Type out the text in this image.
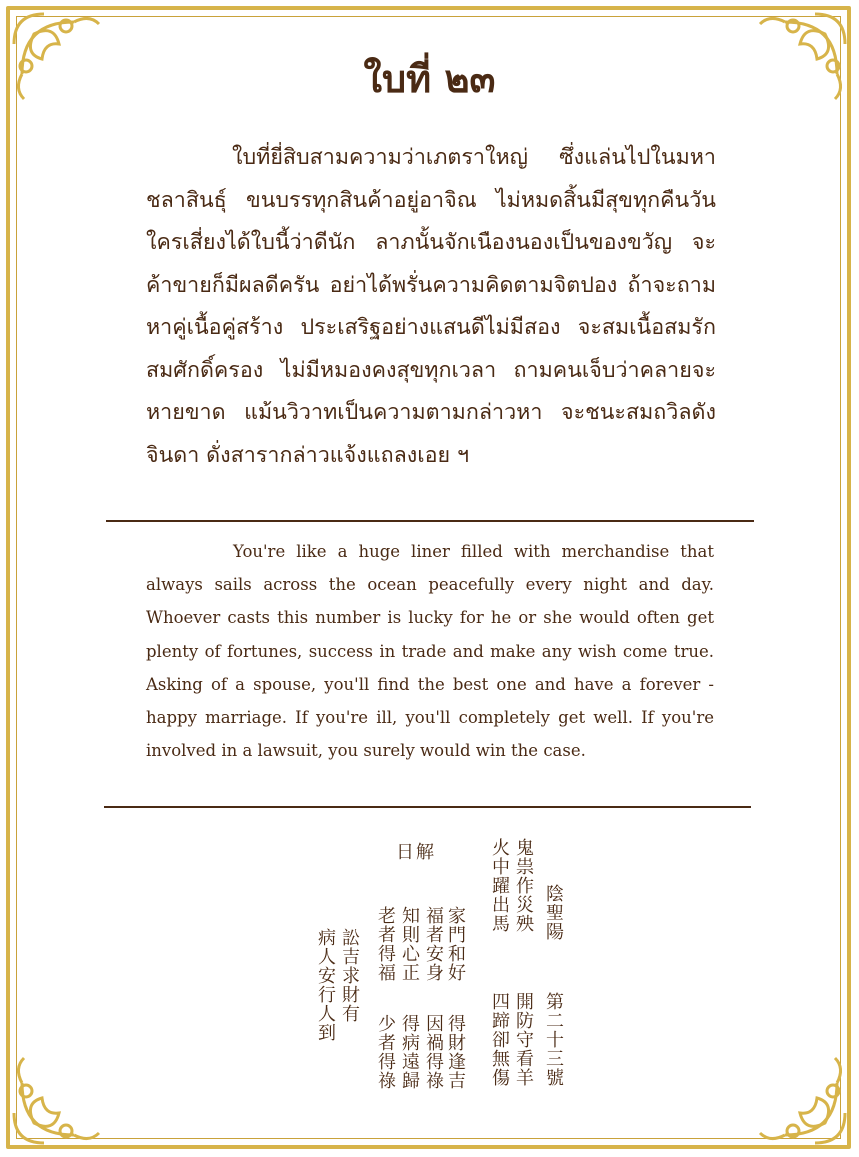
ใบที่ ๒๓
ใบที่ยี่สิบสามความว่าเภตราใหญ่ ซึ่งแล่นไปในมหาชลาสินธุ์ ขนบรรทุกสินค้าอยู่อาจิณ ไม่หมดสิ้นมีสุขทุกคืนวัน ใครเสี่ยงได้ใบนี้ว่าดีนัก ลาภนั้นจักเนืองนองเป็นของขวัญ จะค้าขายก็มีผลดีครัน อย่าได้พรั่นความคิดตามจิตปอง ถ้าจะถามหาคู่เนื้อคู่สร้าง ประเสริฐอย่างแสนดีไม่มีสอง จะสมเนื้อสมรักสมศักดิ์ครอง ไม่มีหมองคงสุขทุกเวลา ถามคนเจ็บว่าคลายจะหายขาด แม้นวิวาทเป็นความตามกล่าวหา จะชนะสมถวิลดังจินดา ดั่งสารากล่าวแจ้งแถลงเอย ฯ
You're like a huge liner filled with merchandise that always sails across the ocean peacefully every night and day. Whoever casts this number is lucky for he or she would often get plenty of fortunes, success in trade and make any wish come true. Asking of a spouse, you'll find the best one and have a forever - happy marriage. If you're ill, you'll completely get well. If you're involved in a lawsuit, you surely would win the case.
陰聖陽
第二十三號
鬼祟作災殃
開防守看羊
火中躍出馬
四蹄卻無傷
日解
家門和好
得財逢吉
福者安身
因禍得祿
知則心正
得病遠歸
老者得福
少者得祿
訟吉求財有
病人安行人到
